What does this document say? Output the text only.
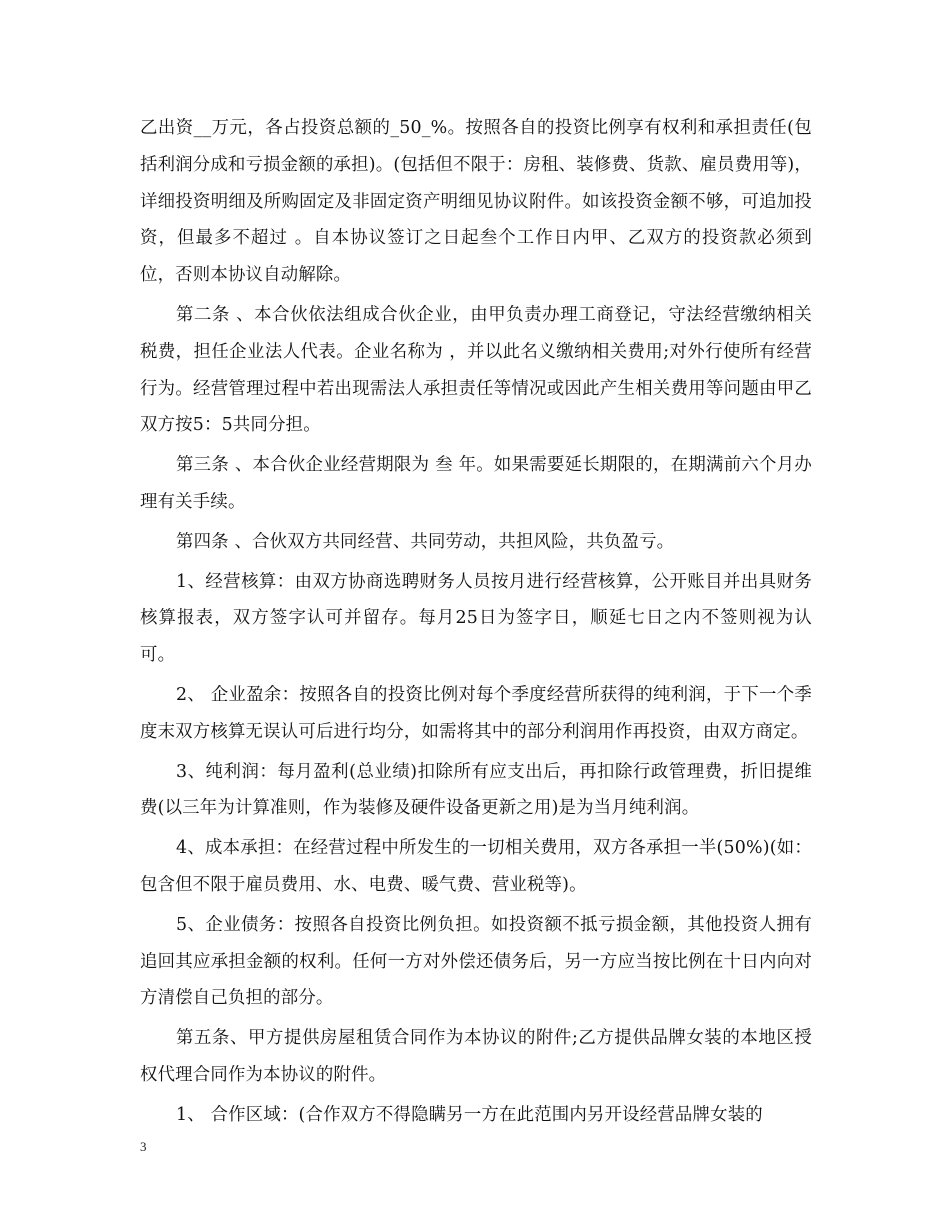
乙出资__万元，各占投资总额的_50_%。按照各自的投资比例享有权利和承担责任(包括利润分成和亏损金额的承担)。(包括但不限于：房租、装修费、货款、雇员费用等)，详细投资明细及所购固定及非固定资产明细见协议附件。如该投资金额不够，可追加投资，但最多不超过 。自本协议签订之日起叁个工作日内甲、乙双方的投资款必须到位，否则本协议自动解除。

第二条 、本合伙依法组成合伙企业，由甲负责办理工商登记，守法经营缴纳相关税费，担任企业法人代表。企业名称为 ，并以此名义缴纳相关费用;对外行使所有经营行为。经营管理过程中若出现需法人承担责任等情况或因此产生相关费用等问题由甲乙双方按5：5共同分担。

第三条 、本合伙企业经营期限为 叁 年。如果需要延长期限的，在期满前六个月办理有关手续。

第四条 、合伙双方共同经营、共同劳动，共担风险，共负盈亏。

1、经营核算：由双方协商选聘财务人员按月进行经营核算，公开账目并出具财务核算报表，双方签字认可并留存。每月25日为签字日，顺延七日之内不签则视为认可。

2、 企业盈余：按照各自的投资比例对每个季度经营所获得的纯利润，于下一个季度末双方核算无误认可后进行均分，如需将其中的部分利润用作再投资，由双方商定。

3、纯利润：每月盈利(总业绩)扣除所有应支出后，再扣除行政管理费，折旧提维费(以三年为计算准则，作为装修及硬件设备更新之用)是为当月纯利润。

4、成本承担：在经营过程中所发生的一切相关费用，双方各承担一半(50%)(如：包含但不限于雇员费用、水、电费、暖气费、营业税等)。

5、企业债务：按照各自投资比例负担。如投资额不抵亏损金额，其他投资人拥有追回其应承担金额的权利。任何一方对外偿还债务后，另一方应当按比例在十日内向对方清偿自己负担的部分。

第五条、甲方提供房屋租赁合同作为本协议的附件;乙方提供品牌女装的本地区授权代理合同作为本协议的附件。

1、 合作区域：(合作双方不得隐瞒另一方在此范围内另开设经营品牌女装的

3
